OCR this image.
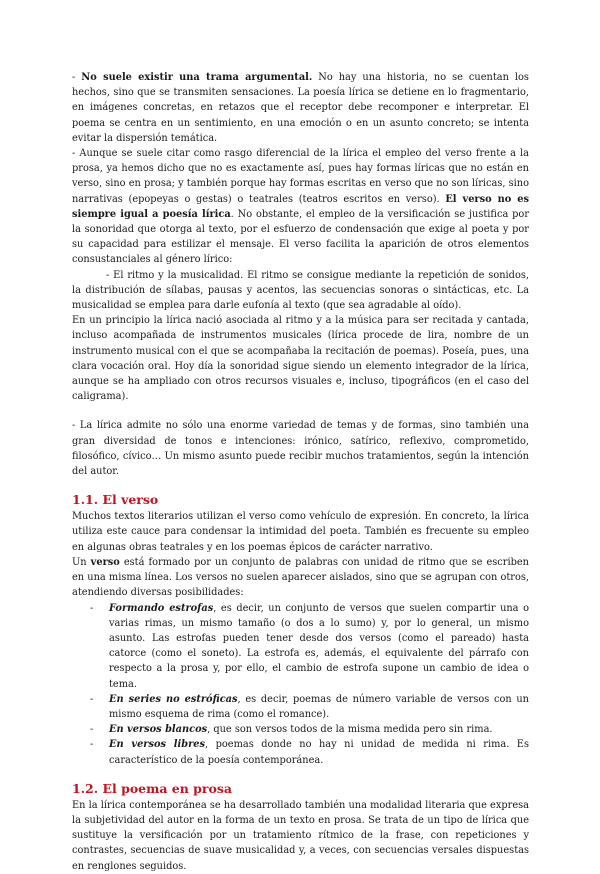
- No suele existir una trama argumental. No hay una historia, no se cuentan los hechos, sino que se transmiten sensaciones. La poesía lírica se detiene en lo fragmentario, en imágenes concretas, en retazos que el receptor debe recomponer e interpretar. El poema se centra en un sentimiento, en una emoción o en un asunto concreto; se intenta evitar la dispersión temática.

- Aunque se suele citar como rasgo diferencial de la lírica el empleo del verso frente a la prosa, ya hemos dicho que no es exactamente así, pues hay formas líricas que no están en verso, sino en prosa; y también porque hay formas escritas en verso que no son líricas, sino narrativas (epopeyas o gestas) o teatrales (teatros escritos en verso). El verso no es siempre igual a poesía lírica. No obstante, el empleo de la versificación se justifica por la sonoridad que otorga al texto, por el esfuerzo de condensación que exige al poeta y por su capacidad para estilizar el mensaje. El verso facilita la aparición de otros elementos consustanciales al género lírico:

- El ritmo y la musicalidad. El ritmo se consigue mediante la repetición de sonidos, la distribución de sílabas, pausas y acentos, las secuencias sonoras o sintácticas, etc. La musicalidad se emplea para darle eufonía al texto (que sea agradable al oído).

En un principio la lírica nació asociada al ritmo y a la música para ser recitada y cantada, incluso acompañada de instrumentos musicales (lírica procede de lira, nombre de un instrumento musical con el que se acompañaba la recitación de poemas). Poseía, pues, una clara vocación oral. Hoy día la sonoridad sigue siendo un elemento integrador de la lírica, aunque se ha ampliado con otros recursos visuales e, incluso, tipográficos (en el caso del caligrama).

- La lírica admite no sólo una enorme variedad de temas y de formas, sino también una gran diversidad de tonos e intenciones: irónico, satírico, reflexivo, comprometido, filosófico, cívico… Un mismo asunto puede recibir muchos tratamientos, según la intención del autor.

1.1. El verso

Muchos textos literarios utilizan el verso como vehículo de expresión. En concreto, la lírica utiliza este cauce para condensar la intimidad del poeta. También es frecuente su empleo en algunas obras teatrales y en los poemas épicos de carácter narrativo.

Un verso está formado por un conjunto de palabras con unidad de ritmo que se escriben en una misma línea. Los versos no suelen aparecer aislados, sino que se agrupan con otros, atendiendo diversas posibilidades:

- Formando estrofas, es decir, un conjunto de versos que suelen compartir una o varias rimas, un mismo tamaño (o dos a lo sumo) y, por lo general, un mismo asunto. Las estrofas pueden tener desde dos versos (como el pareado) hasta catorce (como el soneto). La estrofa es, además, el equivalente del párrafo con respecto a la prosa y, por ello, el cambio de estrofa supone un cambio de idea o tema.
- En series no estróficas, es decir, poemas de número variable de versos con un mismo esquema de rima (como el romance).
- En versos blancos, que son versos todos de la misma medida pero sin rima.
- En versos libres, poemas donde no hay ni unidad de medida ni rima. Es característico de la poesía contemporánea.
1.2. El poema en prosa

En la lírica contemporánea se ha desarrollado también una modalidad literaria que expresa la subjetividad del autor en la forma de un texto en prosa. Se trata de un tipo de lírica que sustituye la versificación por un tratamiento rítmico de la frase, con repeticiones y contrastes, secuencias de suave musicalidad y, a veces, con secuencias versales dispuestas en renglones seguidos.
